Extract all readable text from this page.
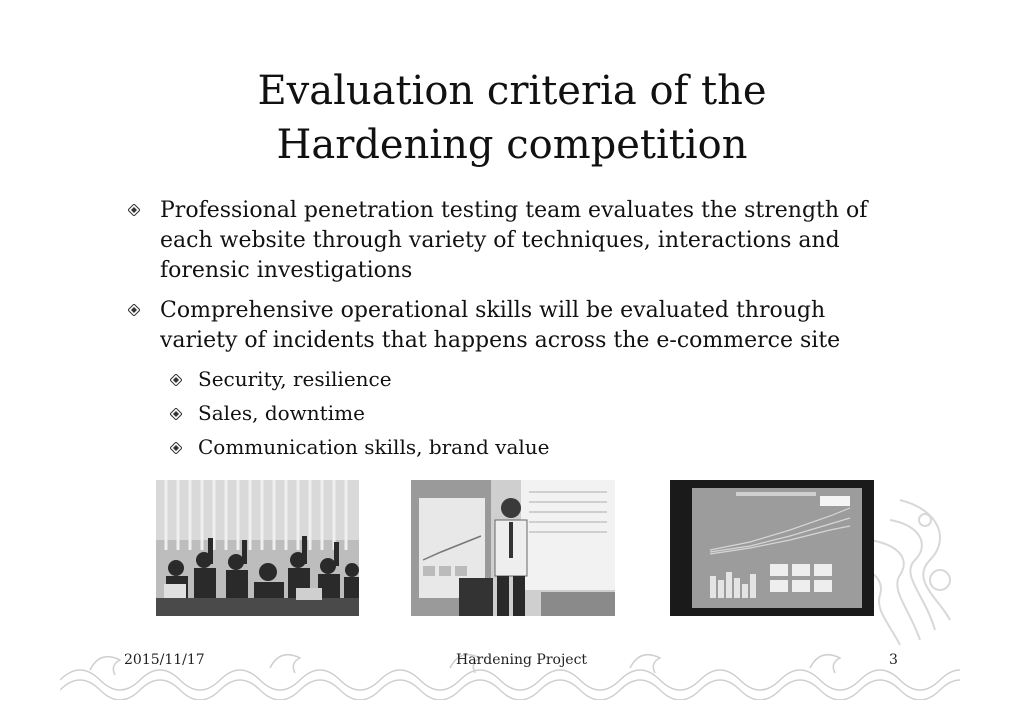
Evaluation criteria of the
Hardening competition
Professional penetration testing team evaluates the strength of each website through variety of techniques, interactions and forensic investigations
Comprehensive operational skills will be evaluated through variety of incidents that happens across the e-commerce site
Security, resilience
Sales, downtime
Communication skills, brand value
2015/11/17	Hardening Project	3
